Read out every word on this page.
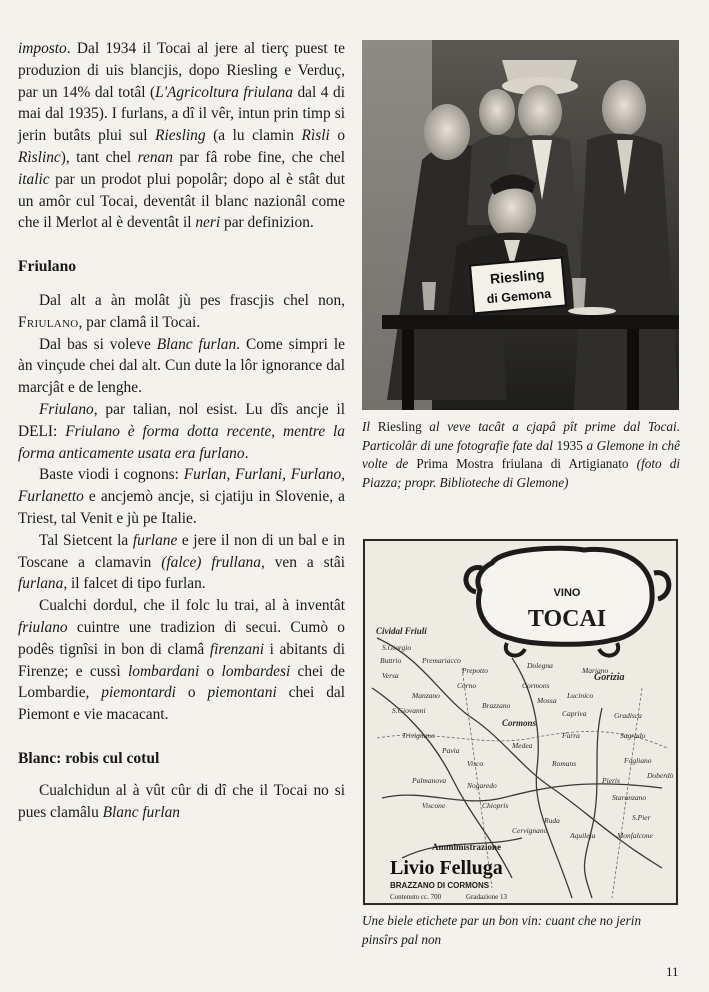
imposto. Dal 1934 il Tocai al jere al tierç puest te produzion di uis blancjis, dopo Riesling e Verduç, par un 14% dal totâl (L'Agricoltura friulana dal 4 di mai dal 1935). I furlans, a dî il vêr, intun prin timp si jerin butâts plui sul Riesling (a lu clamin Rìsli o Rìslinc), tant chel renan par fâ robe fine, che chel italic par un prodot plui popolâr; dopo al è stât dut un amôr cul Tocai, deventât il blanc nazionâl come che il Merlot al è deventât il neri par definizion.

Friulano

Dal alt a àn molât jù pes frascjis chel non, Friulano, par clamâ il Tocai.

Dal bas si voleve Blanc furlan. Come simpri le àn vinçude chei dal alt. Cun dute la lôr ignorance dal marcjât e de lenghe.

Friulano, par talian, nol esist. Lu dîs ancje il DELI: Friulano è forma dotta recente, mentre la forma anticamente usata era furlano.

Baste viodi i cognons: Furlan, Furlani, Furlano, Furlanetto e ancjemò ancje, si cjatiju in Slovenie, a Triest, tal Venit e jù pe Italie.

Tal Sietcent la furlane e jere il non di un bal e in Toscane a clamavin (falce) frullana, ven a stâi furlana, il falcet di tipo furlan.

Cualchi dordul, che il folc lu trai, al à inventât friulano cuintre une tradizion di secui. Cumò o podês tignîsi in bon di clamâ firenzani i abitants di Firenze; e cussì lombardani o lombardesi chei de Lombardie, piemontardi o piemontani chei dal Piemont e vie macacant.

Blanc: robis cul cotul

Cualchidun al à vût cûr di dî che il Tocai no si pues clamâlu Blanc furlan

Riesling
di Gemona
Il Riesling al veve tacât a cjapâ pît prime dal Tocai. Particolâr di une fotografie fate dal 1935 a Glemone in chê volte de Prima Mostra friulana di Artigianato (foto di Piazza; propr. Biblioteche di Glemone)
VINO
TOCAI
Cividal Friuli
Gorizia
Cormons
Gradisca
Brazzano
S.Giorgio
Farra
Mossa
Lucinico
Capriva
Romans
Ruda
Aquileja
Cervignano
Palmanova
Mariano
Medea
Versa
Sagrado
Manzano
S.Giovanni
Premariacco
Buttrio
Corno
Dolegna
Prepotto
Visco
Cormons
Fogliano
Pieris
Staranzano
Monfalcone
Doberdò
S.Pier
Pavia
Trivignano
Nogaredo
Chiopris
Viscone
Ammimistrazione
Livio Felluga
BRAZZANO DI CORMONS
Contenuto cc. 700	Gradazione 13
Une biele etichete par un bon vin: cuant che no jerin pinsîrs pal non
11
